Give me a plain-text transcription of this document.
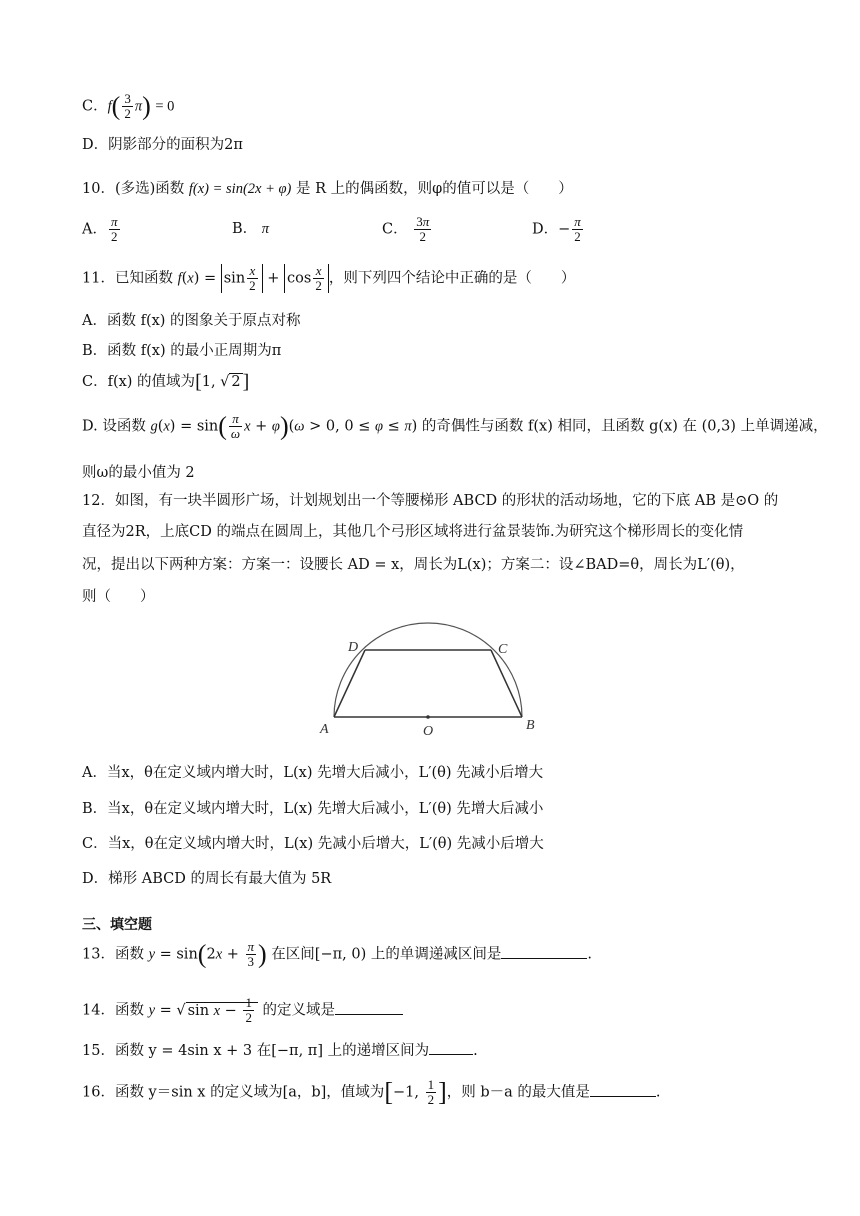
C．$f( \frac{3}{2} \pi) = 0$
D．阴影部分的面积为2π
10．(多选)函数 f(x) = sin(2x + φ) 是 R 上的偶函数，则φ的值可以是（　　）
A． $\frac{\pi}{2}$	B． π	C． $\frac{3\pi}{2}$	D．− $\frac{\pi}{2}$
11．已知函数 $f(x) = \sin \frac{x}{2} + \cos \frac{x}{2}$ ，则下列四个结论中正确的是（　　）
A．函数 f(x) 的图象关于原点对称
B．函数 f(x) 的最小正周期为π
C．f(x) 的值域为[1, √ 2 ]
D. 设函数 $g(x) = \sin( \frac{\pi}{\omega}$ x + φ)(ω > 0, 0 ≤ φ ≤ π) 的奇偶性与函数 f(x) 相同，且函数 g(x) 在 (0,3) 上单调递减，
则ω的最小值为 2
12．如图，有一块半圆形广场，计划规划出一个等腰梯形 ABCD 的形状的活动场地，它的下底 AB 是⊙O 的
直径为2R，上底CD 的端点在圆周上，其他几个弓形区域将进行盆景装饰.为研究这个梯形周长的变化情
况，提出以下两种方案：方案一：设腰长 AD = x，周长为L(x)；方案二：设∠BAD=θ，周长为L′(θ)，
则（　　）
A	B
C
D
O
A．当x，θ在定义域内增大时，L(x) 先增大后减小，L′(θ) 先减小后增大
B．当x，θ在定义域内增大时，L(x) 先增大后减小，L′(θ) 先增大后减小
C．当x，θ在定义域内增大时，L(x) 先减小后增大，L′(θ) 先减小后增大
D．梯形 ABCD 的周长有最大值为 5R
三、填空题
13．函数 $y = \sin(2x + \frac{\pi}{3}$ ) 在区间[−π, 0) 上的单调递减区间是	.
14．函数 y = √ $\sin x - \frac{1}{2}$ 的定义域是
15．函数 y = 4sin x + 3 在[−π, π] 上的递增区间为	.
16．函数 y＝sin x 的定义域为[a，b]，值域为[−1, $\frac{1}{2}$ ]，则 b－a 的最大值是	.
